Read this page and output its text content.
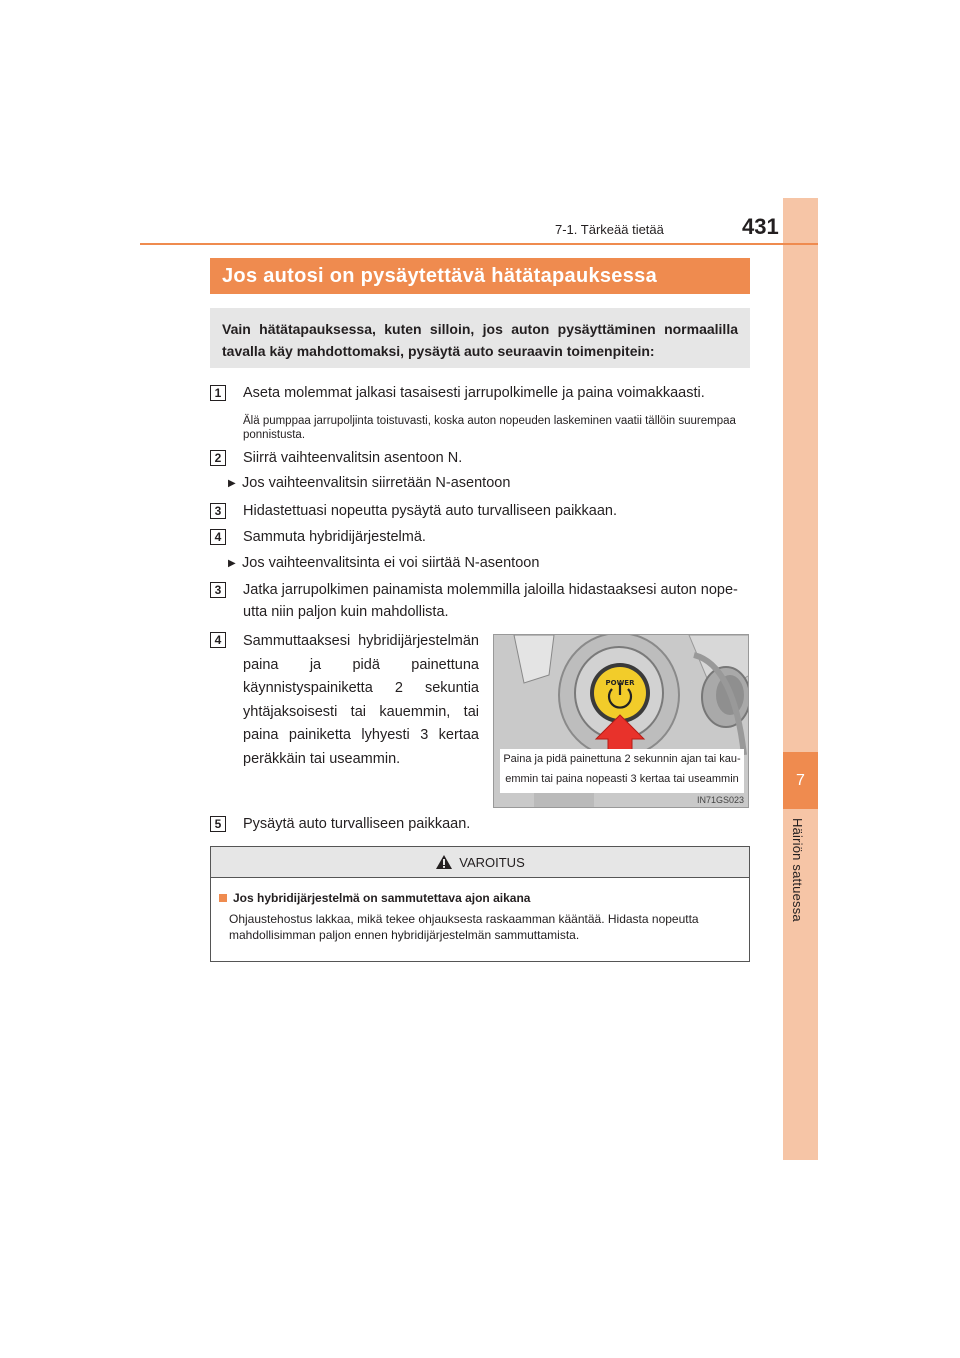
7
Häiriön sattuessa
7-1. Tärkeää tietää	431
Jos autosi on pysäytettävä hätätapauksessa
Vain hätätapauksessa, kuten silloin, jos auton pysäyttäminen normaalilla tavalla käy mahdottomaksi, pysäytä auto seuraavin toimenpitein:
1	Aseta molemmat jalkasi tasaisesti jarrupolkimelle ja paina voimakkaasti.
Älä pumppaa jarrupoljinta toistuvasti, koska auton nopeuden laskeminen vaatii tällöin suurempaa ponnistusta.
2	Siirrä vaihteenvalitsin asentoon N.
▶ Jos vaihteenvalitsin siirretään N-asentoon
3	Hidastettuasi nopeutta pysäytä auto turvalliseen paikkaan.
4	Sammuta hybridijärjestelmä.
▶ Jos vaihteenvalitsinta ei voi siirtää N-asentoon
3	Jatka jarrupolkimen painamista molemmilla jaloilla hidastaaksesi auton nope-
utta niin paljon kuin mahdollista.
4	Sammuttaaksesi hybridijärjestelmän paina ja pidä painettuna käynnistyspainiketta 2 sekuntia yhtäjaksoisesti tai kauemmin, tai paina painiketta lyhyesti 3 kertaa peräkkäin tai useammin.
POWER
Paina ja pidä painettuna 2 sekunnin ajan tai kau-
emmin tai paina nopeasti 3 kertaa tai useammin
IN71GS023
5	Pysäytä auto turvalliseen paikkaan.
VAROITUS
Jos hybridijärjestelmä on sammutettava ajon aikana
Ohjaustehostus lakkaa, mikä tekee ohjauksesta raskaamman kääntää. Hidasta nopeutta mahdollisimman paljon ennen hybridijärjestelmän sammuttamista.
